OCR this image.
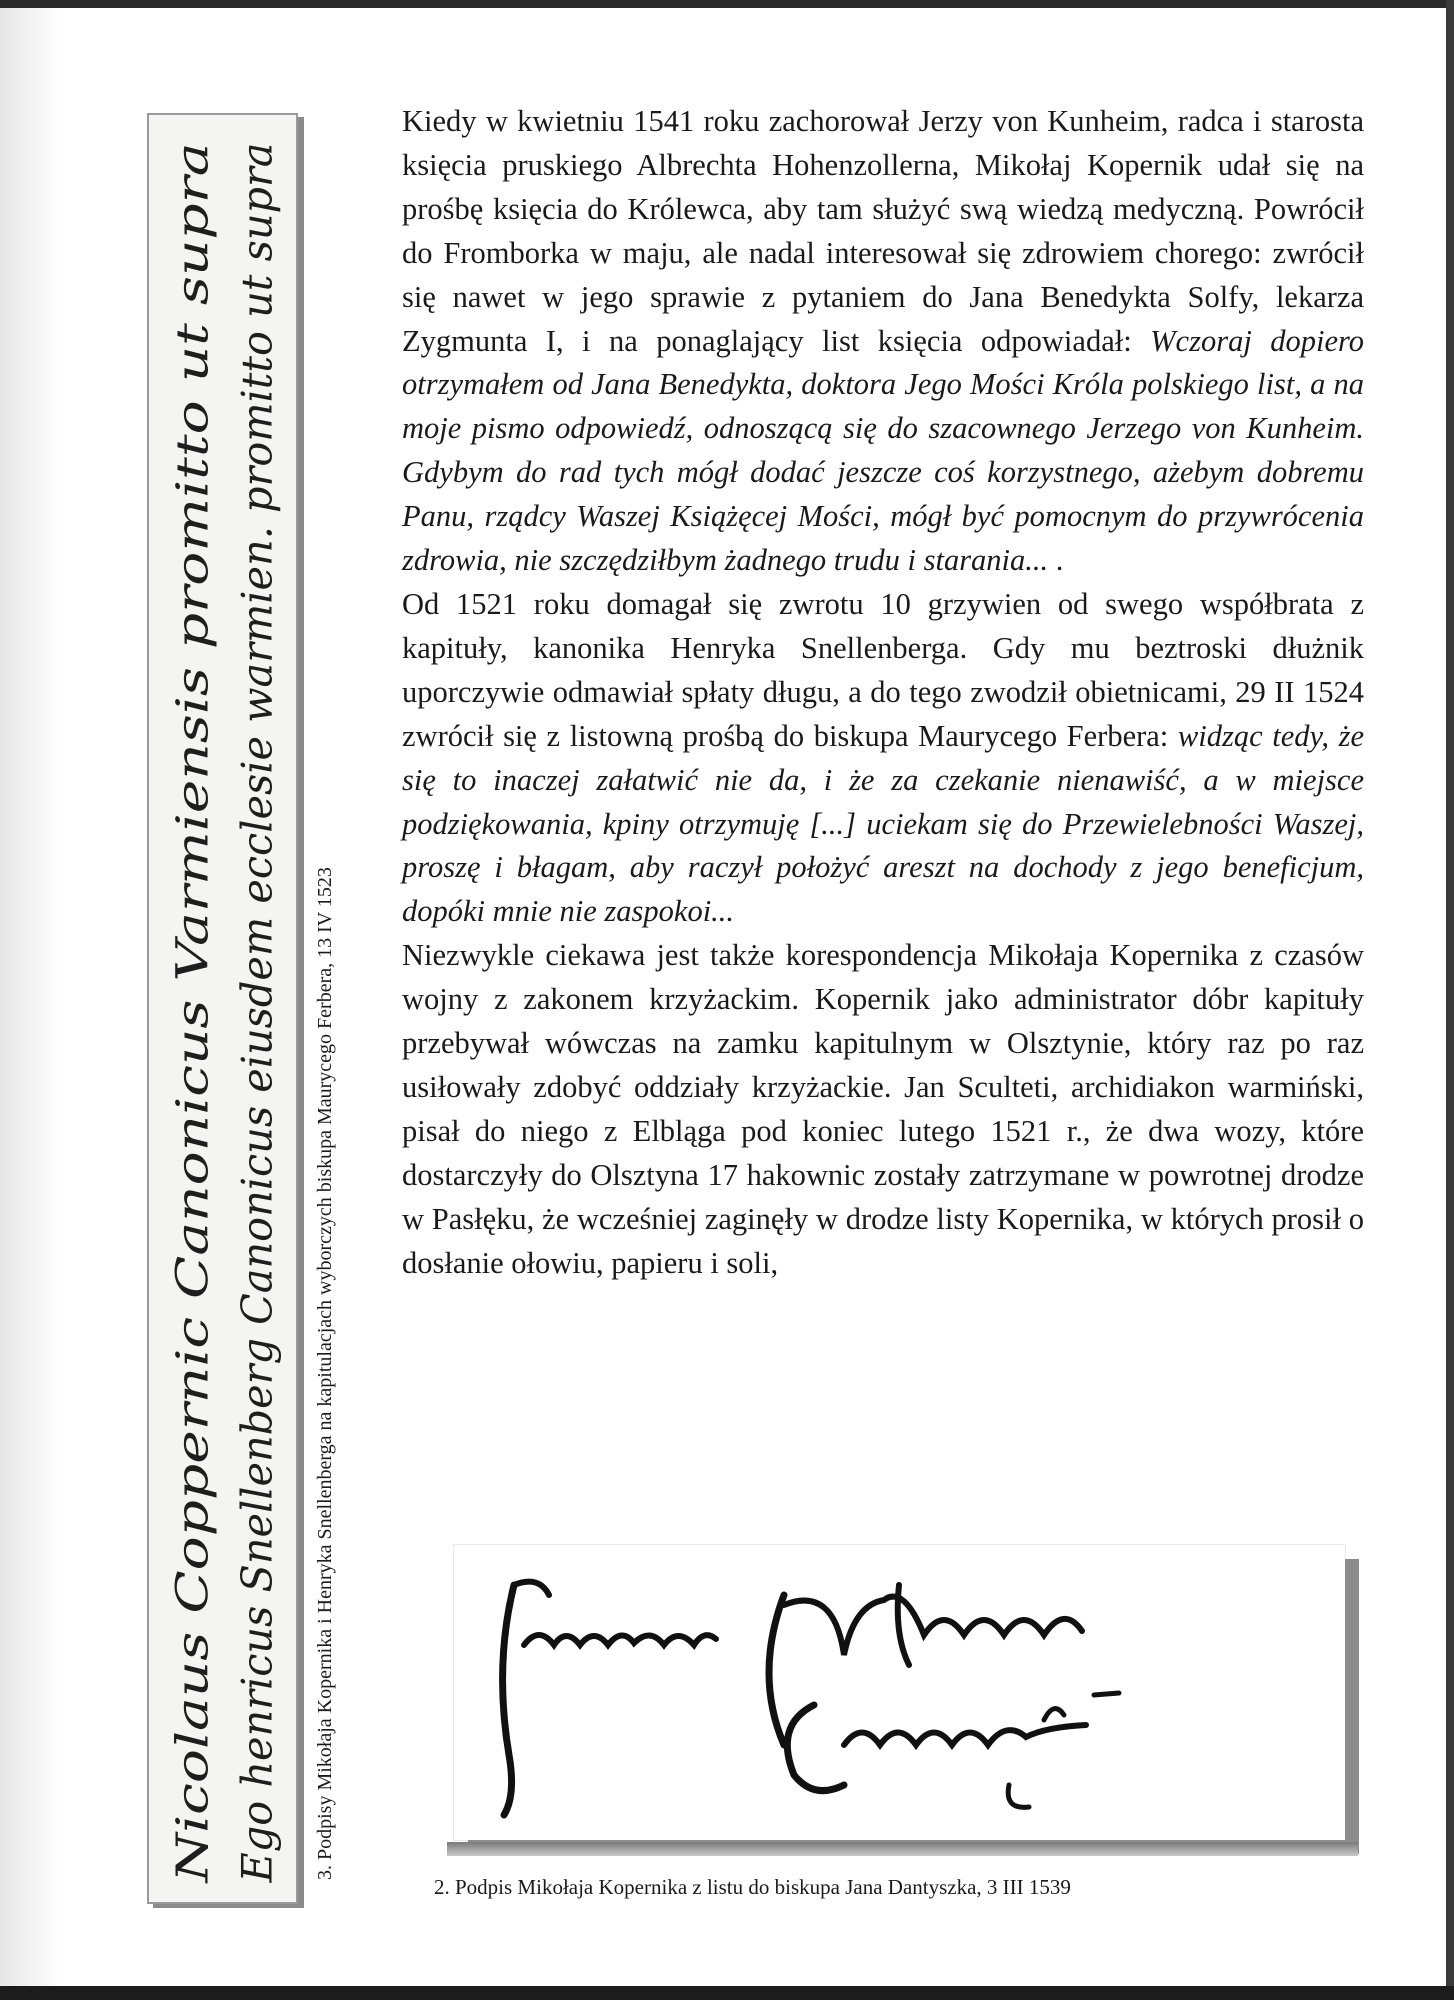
Nicolaus Coppernic Canonicus Varmiensis promitto ut supra Ego henricus Snellenberg Canonicus eiusdem ecclesie warmien. promitto ut supra 3. Podpisy Mikołaja Kopernika i Henryka Snellenberga na kapitulacjach wyborczych biskupa Maurycego Ferbera, 13 IV 1523

Kiedy w kwietniu 1541 roku zachorował Jerzy von Kunheim, radca i starosta księcia pruskiego Albrechta Hohenzollerna, Mikołaj Kopernik udał się na prośbę księcia do Królewca, aby tam służyć swą wiedzą medyczną. Powrócił do Fromborka w maju, ale nadal interesował się zdrowiem chorego: zwrócił się nawet w jego sprawie z pytaniem do Jana Benedykta Solfy, lekarza Zygmunta I, i na ponaglający list księcia odpowiadał: Wczoraj dopiero otrzymałem od Jana Benedykta, doktora Jego Mości Króla polskiego list, a na moje pismo odpowiedź, odnoszącą się do szacownego Jerzego von Kunheim. Gdybym do rad tych mógł dodać jeszcze coś korzystnego, ażebym dobremu Panu, rządcy Waszej Książęcej Mości, mógł być pomocnym do przywrócenia zdrowia, nie szczędziłbym żadnego trudu i starania... .

Od 1521 roku domagał się zwrotu 10 grzywien od swego współbrata z kapituły, kanonika Henryka Snellenberga. Gdy mu beztroski dłużnik uporczywie odmawiał spłaty długu, a do tego zwodził obietnicami, 29 II 1524 zwrócił się z listowną prośbą do biskupa Maurycego Ferbera: widząc tedy, że się to inaczej załatwić nie da, i że za czekanie nienawiść, a w miejsce podziękowania, kpiny otrzymuję [...] uciekam się do Przewielebności Waszej, proszę i błagam, aby raczył położyć areszt na dochody z jego beneficjum, dopóki mnie nie zaspokoi...

Niezwykle ciekawa jest także korespondencja Mikołaja Kopernika z czasów wojny z zakonem krzyżackim. Kopernik jako administrator dóbr kapituły przebywał wówczas na zamku kapitulnym w Olsztynie, który raz po raz usiłowały zdobyć oddziały krzyżackie. Jan Sculteti, archidiakon warmiński, pisał do niego z Elbląga pod koniec lutego 1521 r., że dwa wozy, które dostarczyły do Olsztyna 17 hakownic zostały zatrzymane w powrotnej drodze w Pasłęku, że wcześniej zaginęły w drodze listy Kopernika, w których prosił o dosłanie ołowiu, papieru i soli,

2. Podpis Mikołaja Kopernika z listu do biskupa Jana Dantyszka, 3 III 1539
